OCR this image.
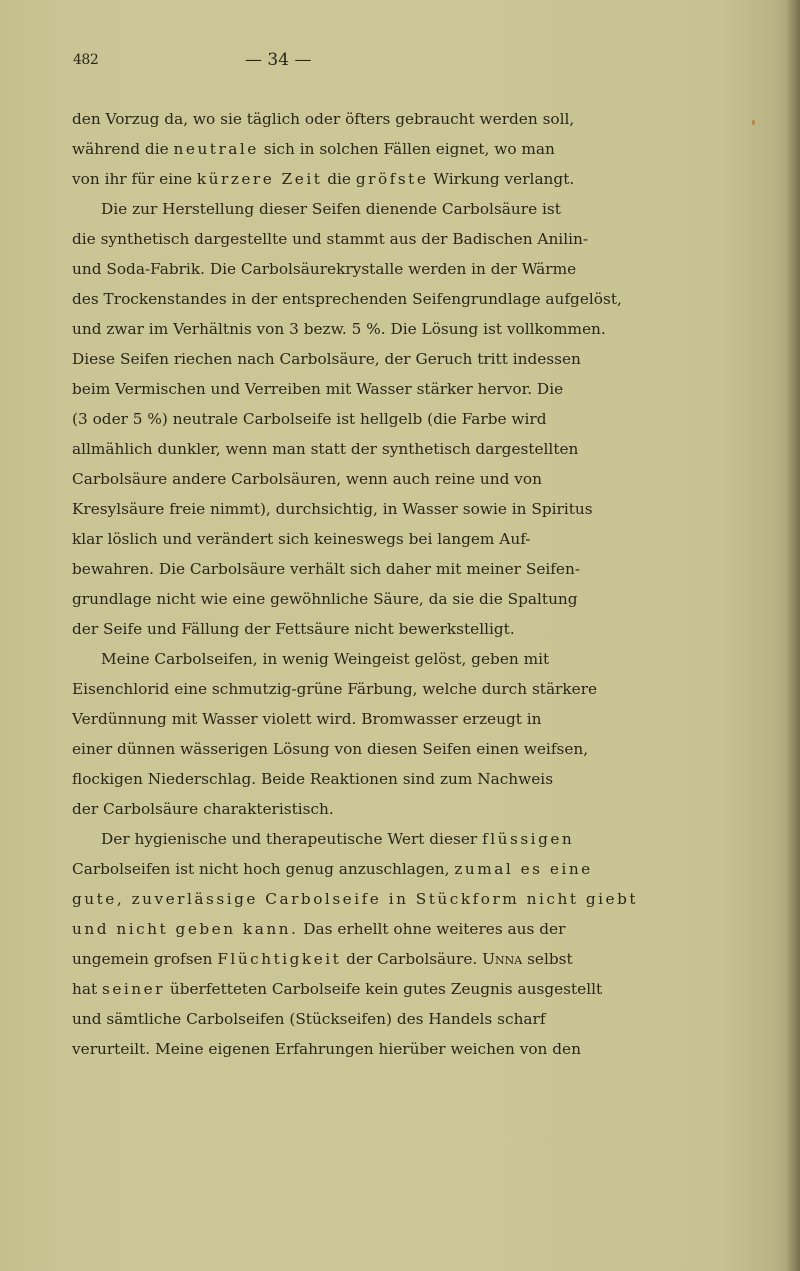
482	— 34 —
den Vorzug da, wo sie täglich oder öfters gebraucht werden soll,
während die neutrale sich in solchen Fällen eignet, wo man
von ihr für eine kürzere Zeit die gröfste Wirkung verlangt.
Die zur Herstellung dieser Seifen dienende Carbolsäure ist
die synthetisch dargestellte und stammt aus der Badischen Anilin-
und Soda-Fabrik. Die Carbolsäurekrystalle werden in der Wärme
des Trockenstandes in der entsprechenden Seifengrundlage aufgelöst,
und zwar im Verhältnis von 3 bezw. 5 %. Die Lösung ist vollkommen.
Diese Seifen riechen nach Carbolsäure, der Geruch tritt indessen
beim Vermischen und Verreiben mit Wasser stärker hervor. Die
(3 oder 5 %) neutrale Carbolseife ist hellgelb (die Farbe wird
allmählich dunkler, wenn man statt der synthetisch dargestellten
Carbolsäure andere Carbolsäuren, wenn auch reine und von
Kresylsäure freie nimmt), durchsichtig, in Wasser sowie in Spiritus
klar löslich und verändert sich keineswegs bei langem Auf-
bewahren. Die Carbolsäure verhält sich daher mit meiner Seifen-
grundlage nicht wie eine gewöhnliche Säure, da sie die Spaltung
der Seife und Fällung der Fettsäure nicht bewerkstelligt.
Meine Carbolseifen, in wenig Weingeist gelöst, geben mit
Eisenchlorid eine schmutzig-grüne Färbung, welche durch stärkere
Verdünnung mit Wasser violett wird. Bromwasser erzeugt in
einer dünnen wässerigen Lösung von diesen Seifen einen weifsen,
flockigen Niederschlag. Beide Reaktionen sind zum Nachweis
der Carbolsäure charakteristisch.
Der hygienische und therapeutische Wert dieser flüssigen
Carbolseifen ist nicht hoch genug anzuschlagen, zumal es eine
gute, zuverlässige Carbolseife in Stückform nicht giebt
und nicht geben kann. Das erhellt ohne weiteres aus der
ungemein grofsen Flüchtigkeit der Carbolsäure. Unna selbst
hat seiner überfetteten Carbolseife kein gutes Zeugnis ausgestellt
und sämtliche Carbolseifen (Stückseifen) des Handels scharf
verurteilt. Meine eigenen Erfahrungen hierüber weichen von den
